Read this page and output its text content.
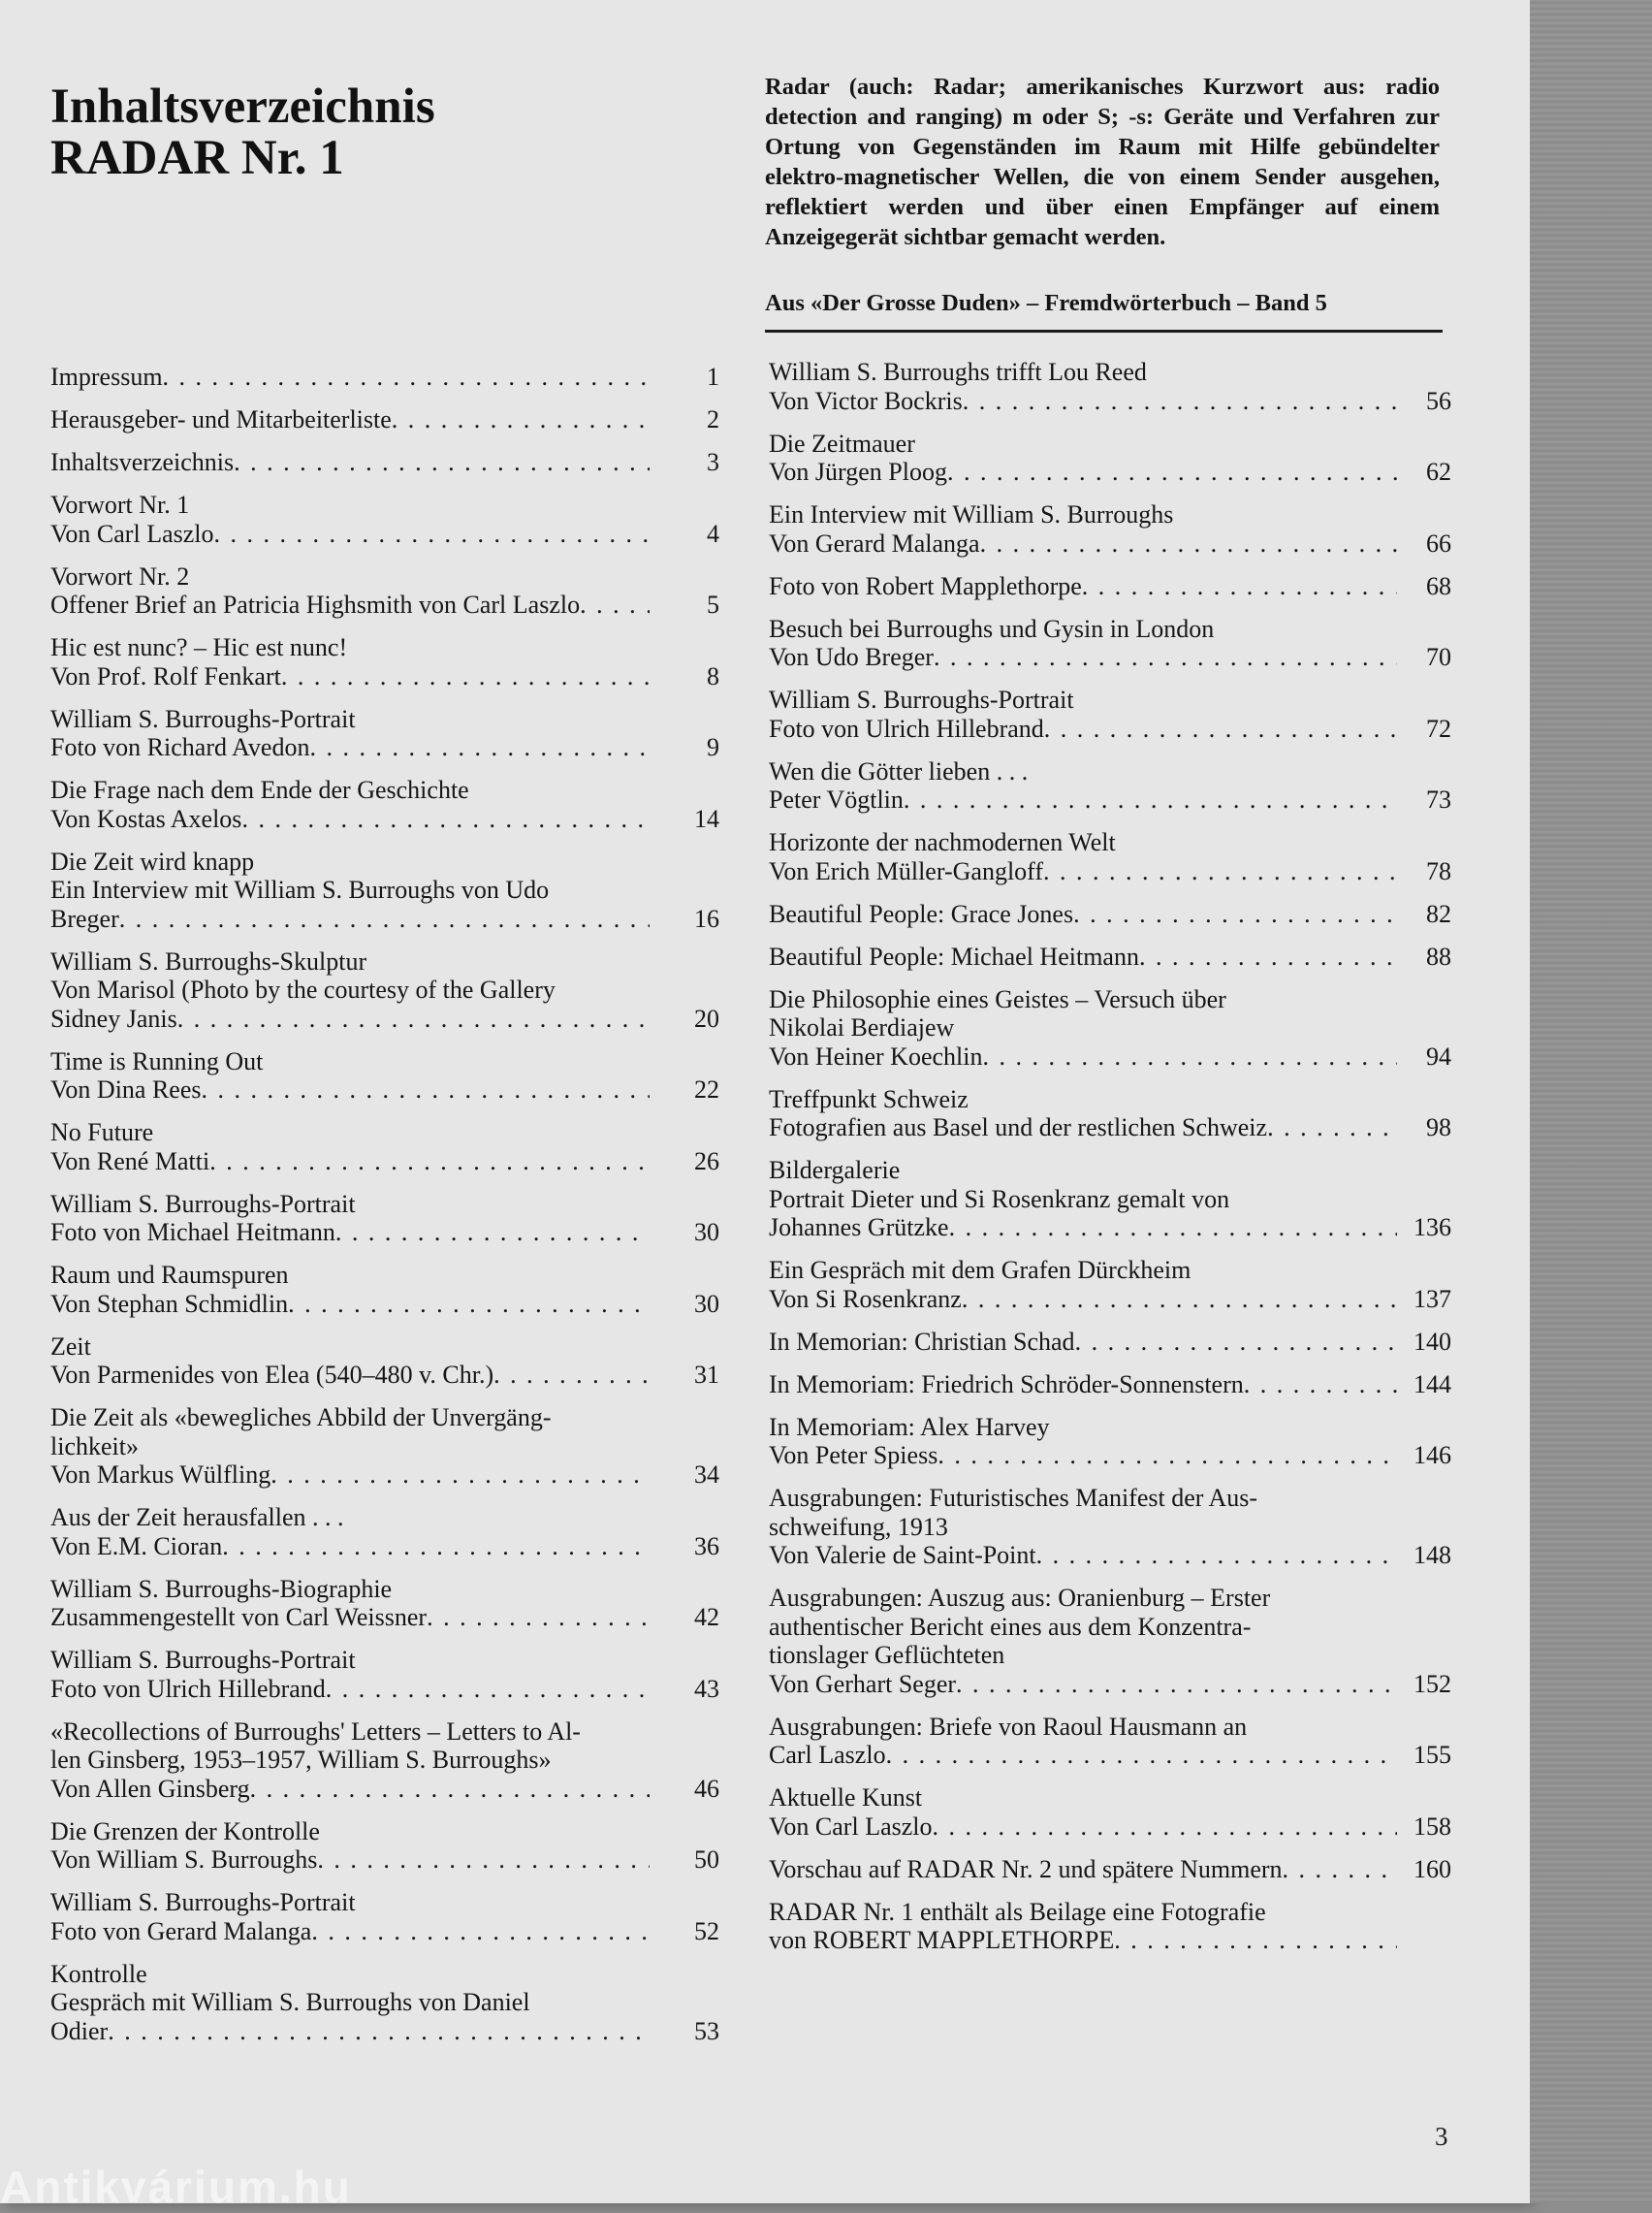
Inhaltsverzeichnis
RADAR Nr. 1
Radar (auch: Radar; amerikanisches Kurzwort aus: radio detection and ranging) m oder S; -s: Geräte und Verfahren zur Ortung von Gegenständen im Raum mit Hilfe gebündelter elektro-magnetischer Wellen, die von einem Sender ausgehen, reflektiert werden und über einen Empfänger auf einem Anzeigegerät sichtbar gemacht werden.
Aus «Der Grosse Duden» – Fremdwörterbuch – Band 5
Impressum . . .	1
Herausgeber- und Mitarbeiterliste . . .	2
Inhaltsverzeichnis . . .	3
Vorwort Nr. 1
Von Carl Laszlo . . .	4
Vorwort Nr. 2
Offener Brief an Patricia Highsmith von Carl Laszlo . . .	5
Hic est nunc? – Hic est nunc!
Von Prof. Rolf Fenkart . . .	8
William S. Burroughs-Portrait
Foto von Richard Avedon . . .	9
Die Frage nach dem Ende der Geschichte
Von Kostas Axelos . . .	14
Die Zeit wird knapp
Ein Interview mit William S. Burroughs von Udo
Breger . . .	16
William S. Burroughs-Skulptur
Von Marisol (Photo by the courtesy of the Gallery
Sidney Janis . . .	20
Time is Running Out
Von Dina Rees . . .	22
No Future
Von René Matti . . .	26
William S. Burroughs-Portrait
Foto von Michael Heitmann . . .	30
Raum und Raumspuren
Von Stephan Schmidlin . . .	30
Zeit
Von Parmenides von Elea (540–480 v. Chr.) . . .	31
Die Zeit als «bewegliches Abbild der Unvergäng-
lichkeit»
Von Markus Wülfling . . .	34
Aus der Zeit herausfallen . . .
Von E.M. Cioran . . .	36
William S. Burroughs-Biographie
Zusammengestellt von Carl Weissner . . .	42
William S. Burroughs-Portrait
Foto von Ulrich Hillebrand . . .	43
«Recollections of Burroughs' Letters – Letters to Al-
len Ginsberg, 1953–1957, William S. Burroughs»
Von Allen Ginsberg . . .	46
Die Grenzen der Kontrolle
Von William S. Burroughs . . .	50
William S. Burroughs-Portrait
Foto von Gerard Malanga . . .	52
Kontrolle
Gespräch mit William S. Burroughs von Daniel
Odier . . .	53
William S. Burroughs trifft Lou Reed
Von Victor Bockris . . .	56
Die Zeitmauer
Von Jürgen Ploog . . .	62
Ein Interview mit William S. Burroughs
Von Gerard Malanga . . .	66
Foto von Robert Mapplethorpe . . .	68
Besuch bei Burroughs und Gysin in London
Von Udo Breger . . .	70
William S. Burroughs-Portrait
Foto von Ulrich Hillebrand . . .	72
Wen die Götter lieben . . .
Peter Vögtlin . . .	73
Horizonte der nachmodernen Welt
Von Erich Müller-Gangloff . . .	78
Beautiful People: Grace Jones . . .	82
Beautiful People: Michael Heitmann . . .	88
Die Philosophie eines Geistes – Versuch über
Nikolai Berdiajew
Von Heiner Koechlin . . .	94
Treffpunkt Schweiz
Fotografien aus Basel und der restlichen Schweiz . . .	98
Bildergalerie
Portrait Dieter und Si Rosenkranz gemalt von
Johannes Grützke . . .	136
Ein Gespräch mit dem Grafen Dürckheim
Von Si Rosenkranz . . .	137
In Memorian: Christian Schad . . .	140
In Memoriam: Friedrich Schröder-Sonnenstern . . .	144
In Memoriam: Alex Harvey
Von Peter Spiess . . .	146
Ausgrabungen: Futuristisches Manifest der Aus-
schweifung, 1913
Von Valerie de Saint-Point . . .	148
Ausgrabungen: Auszug aus: Oranienburg – Erster
authentischer Bericht eines aus dem Konzentra-
tionslager Geflüchteten
Von Gerhart Seger . . .	152
Ausgrabungen: Briefe von Raoul Hausmann an
Carl Laszlo . . .	155
Aktuelle Kunst
Von Carl Laszlo . . .	158
Vorschau auf RADAR Nr. 2 und spätere Nummern . . .	160
RADAR Nr. 1 enthält als Beilage eine Fotografie
von ROBERT MAPPLETHORPE
. . .
3
Antikvárium.hu
